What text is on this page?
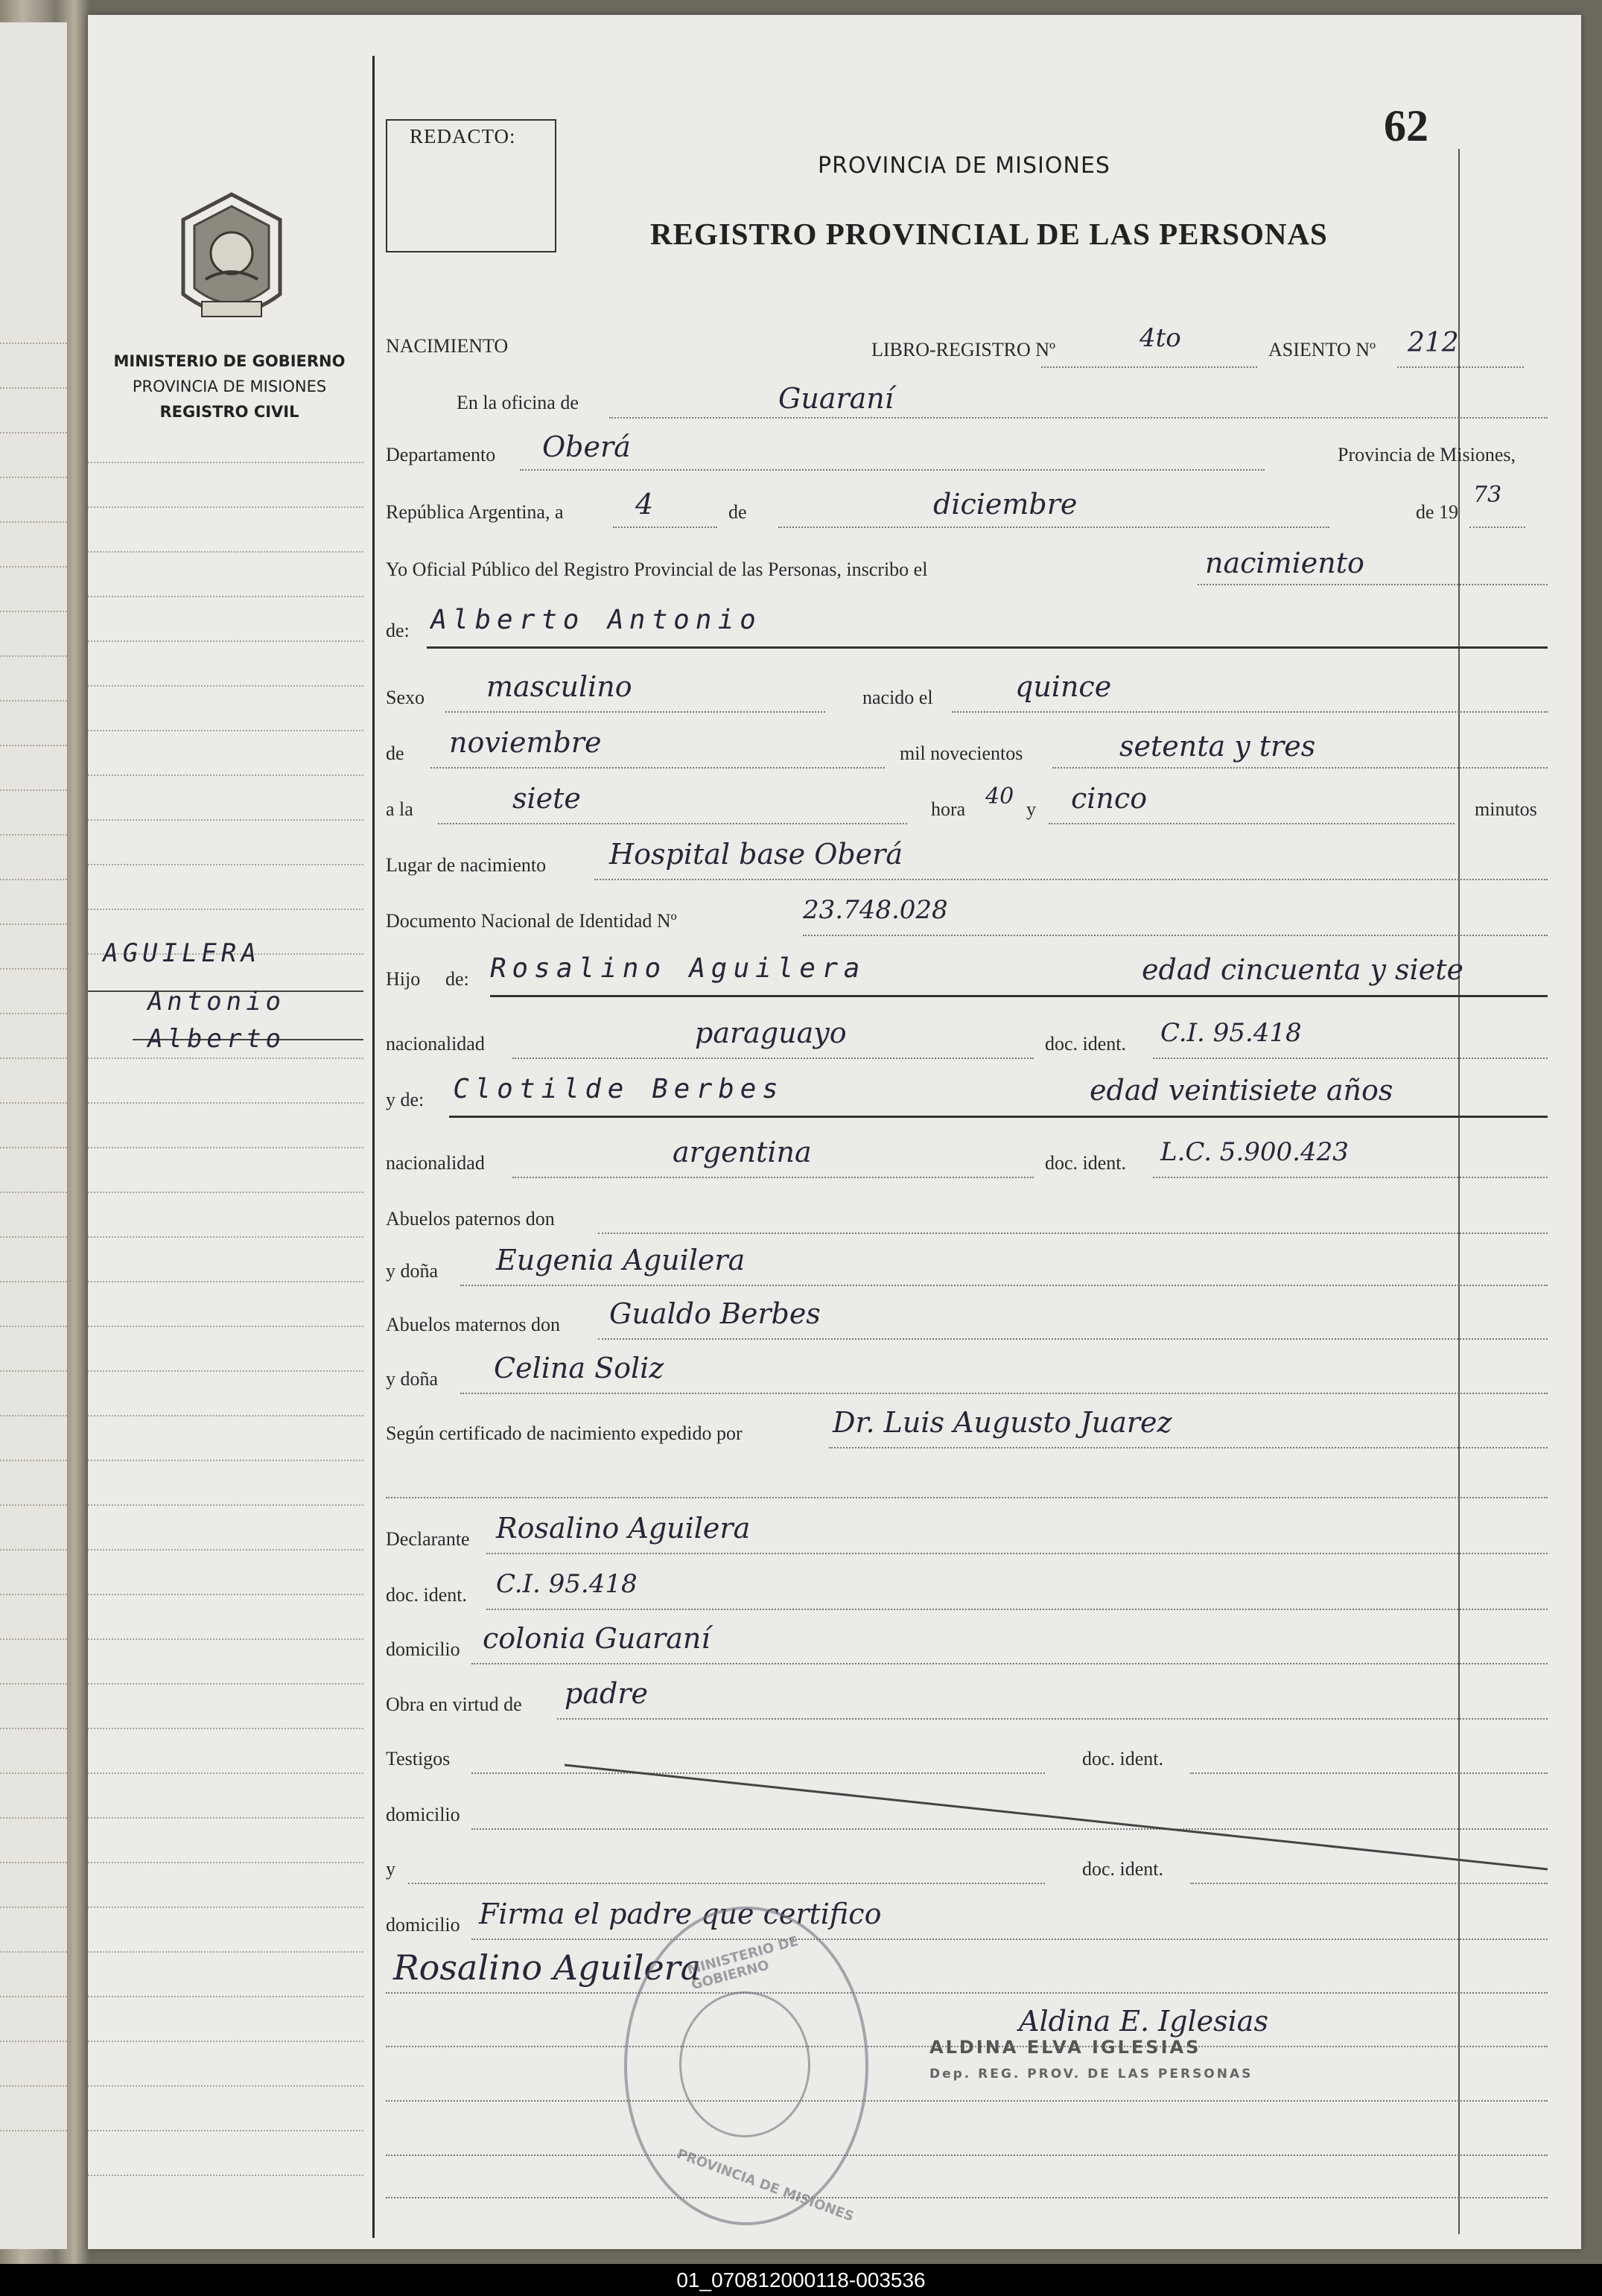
MINISTERIO DE GOBIERNO
PROVINCIA DE MISIONES
REGISTRO CIVIL
AGUILERA
Antonio
Alberto
REDACTO:	62
PROVINCIA DE MISIONES
REGISTRO PROVINCIAL DE LAS PERSONAS
NACIMIENTO	LIBRO-REGISTRO Nº	4to	ASIENTO Nº 212
En la oficina de	Guaraní
Departamento Oberá	Provincia de Misiones,
República Argentina, a	4	de	diciembre	de 19
73
Yo Oficial Público del Registro Provincial de las Personas, inscribo el	nacimiento
de: Alberto Antonio
Sexo masculino	nacido el	quince
de noviembre	mil novecientos	setenta y tres
a la	siete	hora 40 y cinco	minutos
Lugar de nacimiento Hospital base Oberá
Documento Nacional de Identidad Nº	23.748.028
Hijo de: Rosalino Aguilera	edad cincuenta y siete
nacionalidad	paraguayo	doc. ident. C.I. 95.418
y de: Clotilde Berbes	edad veintisiete años
nacionalidad	argentina	doc. ident. L.C. 5.900.423
Abuelos paternos don
y doña Eugenia Aguilera
Abuelos maternos don Gualdo Berbes
y doña Celina Soliz
Según certificado de nacimiento expedido por	Dr. Luis Augusto Juarez
Declarante Rosalino Aguilera
doc. ident. C.I. 95.418
domicilio colonia Guaraní
Obra en virtud de padre
Testigos	doc. ident.
domicilio
y	doc. ident.
domicilio Firma el padre que certifico
Rosalino Aguilera
Aldina E. Iglesias
MINISTERIO DE GOBIERNO
PROVINCIA DE MISIONES
ALDINA ELVA IGLESIAS
Dep. REG. PROV. DE LAS PERSONAS
01_070812000118-003536
